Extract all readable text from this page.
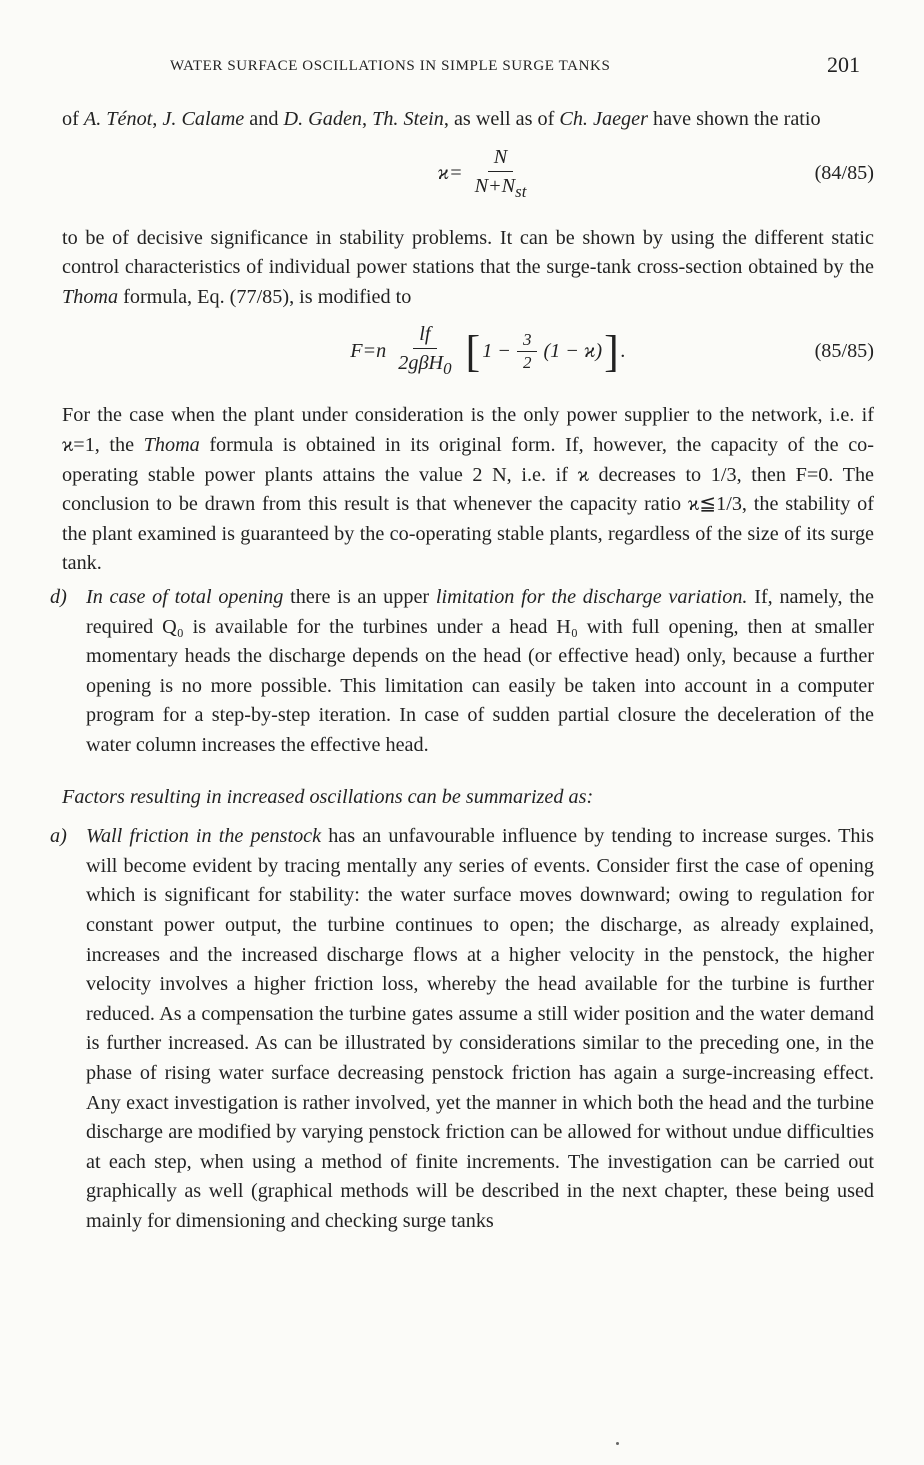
WATER SURFACE OSCILLATIONS IN SIMPLE SURGE TANKS	201

of A. Ténot, J. Calame and D. Gaden, Th. Stein, as well as of Ch. Jaeger have shown the ratio

$ϰ= \frac{N}{N+N_{st}}$	(84/85)

to be of decisive significance in stability problems. It can be shown by using the different static control characteristics of individual power stations that the surge-tank cross-section obtained by the Thoma formula, Eq. (77/85), is modified to

$F=n \frac{lf}{2g\beta H_0}$ [ $1 - \frac{3}{2} (1 - ϰ)$ ] .	(85/85)

For the case when the plant under consideration is the only power supplier to the network, i.e. if ϰ=1, the Thoma formula is obtained in its original form. If, however, the capacity of the co-operating stable power plants attains the value 2 N, i.e. if ϰ decreases to 1/3, then F=0. The conclusion to be drawn from this result is that whenever the capacity ratio ϰ≦1/3, the stability of the plant examined is guaranteed by the co-operating stable plants, regardless of the size of its surge tank.

d) In case of total opening there is an upper limitation for the discharge variation. If, namely, the required Q₀ is available for the turbines under a head H₀ with full opening, then at smaller momentary heads the discharge depends on the head (or effective head) only, because a further opening is no more possible. This limitation can easily be taken into account in a computer program for a step-by-step iteration. In case of sudden partial closure the deceleration of the water column increases the effective head.

Factors resulting in increased oscillations can be summarized as:

a) Wall friction in the penstock has an unfavourable influence by tending to increase surges. This will become evident by tracing mentally any series of events. Consider first the case of opening which is significant for stability: the water surface moves downward; owing to regulation for constant power output, the turbine continues to open; the discharge, as already explained, increases and the increased discharge flows at a higher velocity in the penstock, the higher velocity involves a higher friction loss, whereby the head available for the turbine is further reduced. As a compensation the turbine gates assume a still wider position and the water demand is further increased. As can be illustrated by considerations similar to the preceding one, in the phase of rising water surface decreasing penstock friction has again a surge-increasing effect. Any exact investigation is rather involved, yet the manner in which both the head and the turbine discharge are modified by varying penstock friction can be allowed for without undue difficulties at each step, when using a method of finite increments. The investigation can be carried out graphically as well (graphical methods will be described in the next chapter, these being used mainly for dimensioning and checking surge tanks
